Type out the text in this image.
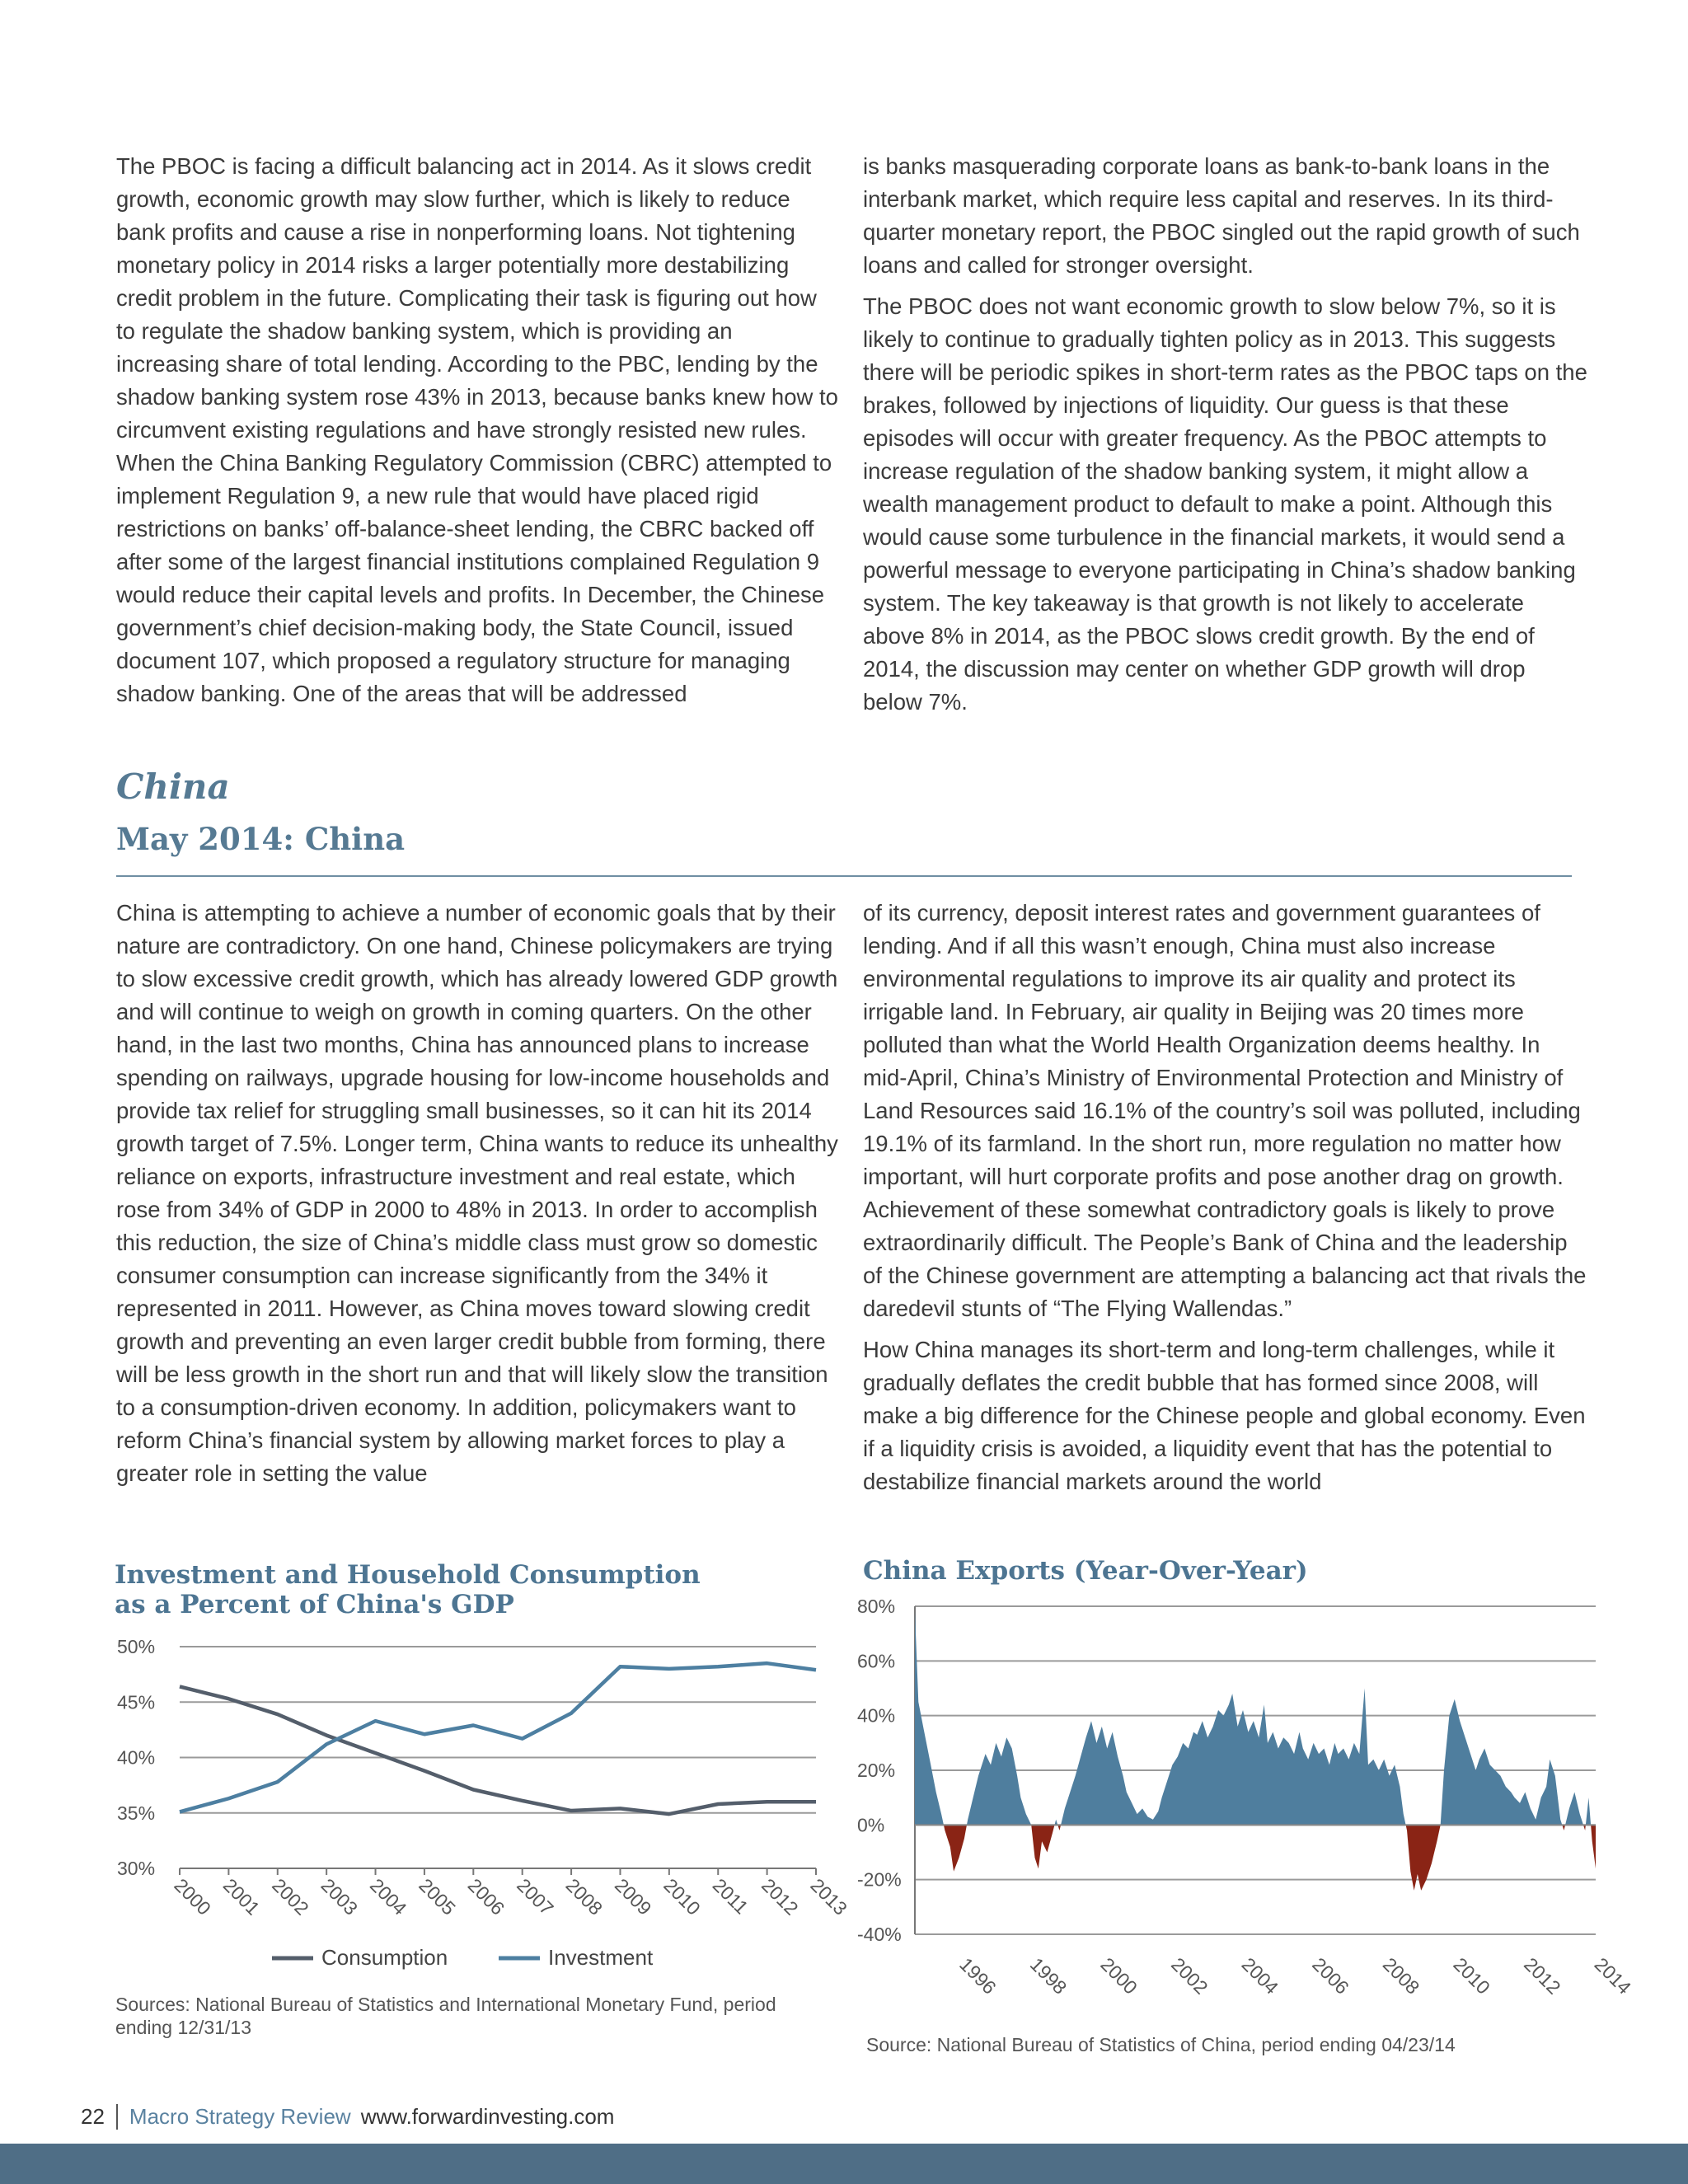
The PBOC is facing a difficult balancing act in 2014. As it slows credit growth, economic growth may slow further, which is likely to reduce bank profits and cause a rise in nonperforming loans. Not tightening monetary policy in 2014 risks a larger potentially more destabilizing credit problem in the future. Complicating their task is figuring out how to regulate the shadow banking system, which is providing an increasing share of total lending. According to the PBC, lending by the shadow banking system rose 43% in 2013, because banks knew how to circumvent existing regulations and have strongly resisted new rules. When the China Banking Regulatory Commission (CBRC) attempted to implement Regulation 9, a new rule that would have placed rigid restrictions on banks’ off-balance-sheet lending, the CBRC backed off after some of the largest financial institutions complained Regulation 9 would reduce their capital levels and profits. In December, the Chinese government’s chief decision-making body, the State Council, issued document 107, which proposed a regulatory structure for managing shadow banking. One of the areas that will be addressed

is banks masquerading corporate loans as bank-to-bank loans in the interbank market, which require less capital and reserves. In its third-quarter monetary report, the PBOC singled out the rapid growth of such loans and called for stronger oversight.

The PBOC does not want economic growth to slow below 7%, so it is likely to continue to gradually tighten policy as in 2013. This suggests there will be periodic spikes in short-term rates as the PBOC taps on the brakes, followed by injections of liquidity. Our guess is that these episodes will occur with greater frequency. As the PBOC attempts to increase regulation of the shadow banking system, it might allow a wealth management product to default to make a point. Although this would cause some turbulence in the financial markets, it would send a powerful message to everyone participating in China’s shadow banking system. The key takeaway is that growth is not likely to accelerate above 8% in 2014, as the PBOC slows credit growth. By the end of 2014, the discussion may center on whether GDP growth will drop below 7%.

China
May 2014: China

China is attempting to achieve a number of economic goals that by their nature are contradictory. On one hand, Chinese policymakers are trying to slow excessive credit growth, which has already lowered GDP growth and will continue to weigh on growth in coming quarters. On the other hand, in the last two months, China has announced plans to increase spending on railways, upgrade housing for low-income households and provide tax relief for struggling small businesses, so it can hit its 2014 growth target of 7.5%. Longer term, China wants to reduce its unhealthy reliance on exports, infrastructure investment and real estate, which rose from 34% of GDP in 2000 to 48% in 2013. In order to accomplish this reduction, the size of China’s middle class must grow so domestic consumer consumption can increase significantly from the 34% it represented in 2011. However, as China moves toward slowing credit growth and preventing an even larger credit bubble from forming, there will be less growth in the short run and that will likely slow the transition to a consumption-driven economy. In addition, policymakers want to reform China’s financial system by allowing market forces to play a greater role in setting the value

of its currency, deposit interest rates and government guarantees of lending. And if all this wasn’t enough, China must also increase environmental regulations to improve its air quality and protect its irrigable land. In February, air quality in Beijing was 20 times more polluted than what the World Health Organization deems healthy. In mid-April, China’s Ministry of Environmental Protection and Ministry of Land Resources said 16.1% of the country’s soil was polluted, including 19.1% of its farmland. In the short run, more regulation no matter how important, will hurt corporate profits and pose another drag on growth. Achievement of these somewhat contradictory goals is likely to prove extraordinarily difficult. The People’s Bank of China and the leadership of the Chinese government are attempting a balancing act that rivals the daredevil stunts of “The Flying Wallendas.”

How China manages its short-term and long-term challenges, while it gradually deflates the credit bubble that has formed since 2008, will make a big difference for the Chinese people and global economy. Even if a liquidity crisis is avoided, a liquidity event that has the potential to destabilize financial markets around the world

Investment and Household Consumption
as a Percent of China's GDP
30%
35%
40%
45%
50%
2000 2001 2002 2003 2004 2005 2006 2007 2008 2009 2010 2011 2012 2013
Consumption	Investment
Sources: National Bureau of Statistics and International Monetary Fund, period ending 12/31/13
China Exports (Year-Over-Year)
-40%
-20%
0%
20%
40%
60%
80%
1996 1998 2000 2002 2004 2006 2008 2010 2012 2014
Source: National Bureau of Statistics of China, period ending 04/23/14
22	Macro Strategy Review www.forwardinvesting.com
